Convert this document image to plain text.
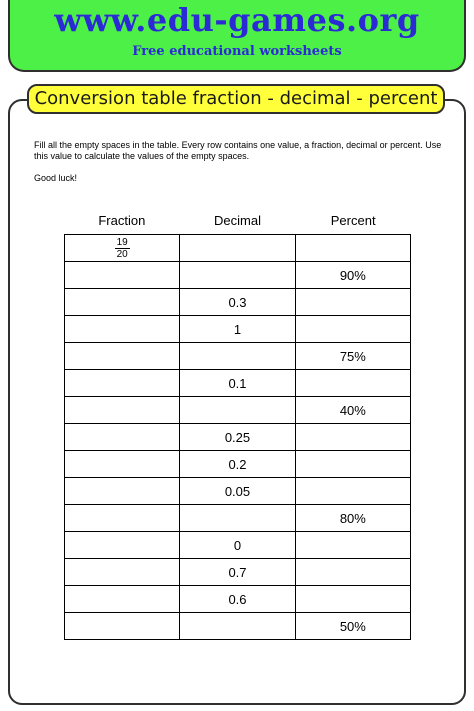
www.edu-games.org
Free educational worksheets
Conversion table fraction - decimal - percent
Fill all the empty spaces in the table. Every row contains one value, a fraction, decimal or percent. Use this value to calculate the values of the empty spaces.
Good luck!
Fraction	Decimal	Percent
$\frac{19}{20}$

		90%
	0.3	
	1	
		75%
	0.1	
		40%
	0.25	
	0.2	
	0.05	
		80%
	0	
	0.7	
	0.6	
		50%
